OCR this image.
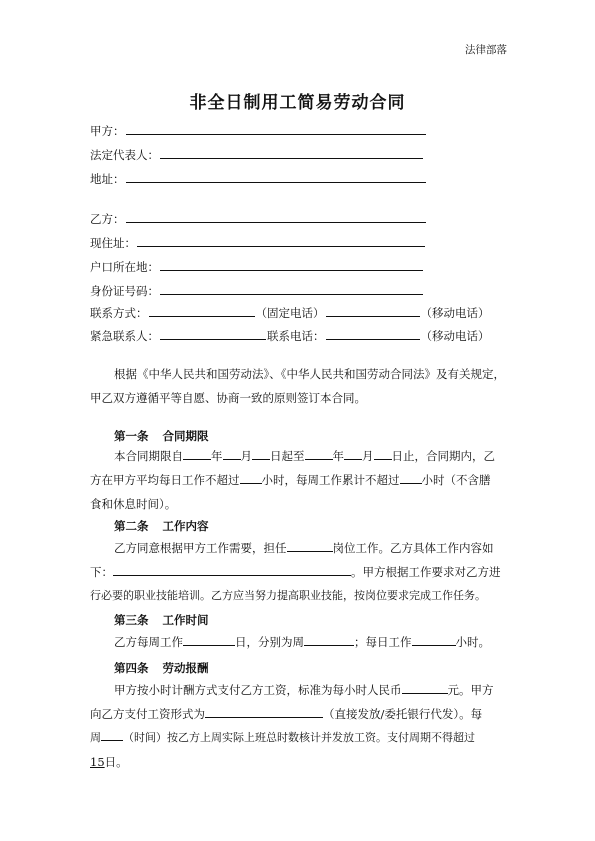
法律部落
非全日制用工简易劳动合同
甲方：
法定代表人：
地址：
乙方：
现住址：
户口所在地：
身份证号码：
联系方式：	（固定电话）	（移动电话）
紧急联系人：	联系电话：	（移动电话）
根据《中华人民共和国劳动法》、《中华人民共和国劳动合同法》及有关规定，
甲乙双方遵循平等自愿、协商一致的原则签订本合同。
第一条 合同期限
本合同期限自 年 月 日起至 年 月 日止，合同期内，乙
方在甲方平均每日工作不超过 小时，每周工作累计不超过 小时（不含膳
食和休息时间）。
第二条 工作内容
乙方同意根据甲方工作需要，担任	岗位工作。乙方具体工作内容如
下：	。甲方根据工作要求对乙方进
行必要的职业技能培训。乙方应当努力提高职业技能，按岗位要求完成工作任务。
第三条 工作时间
乙方每周工作	日，分别为周	；每日工作	小时。
第四条 劳动报酬
甲方按小时计酬方式支付乙方工资，标准为每小时人民币	元。甲方
向乙方支付工资形式为	（直接发放/委托银行代发）。每
周 （时间）按乙方上周实际上班总时数核计并发放工资。支付周期不得超过
15日。
